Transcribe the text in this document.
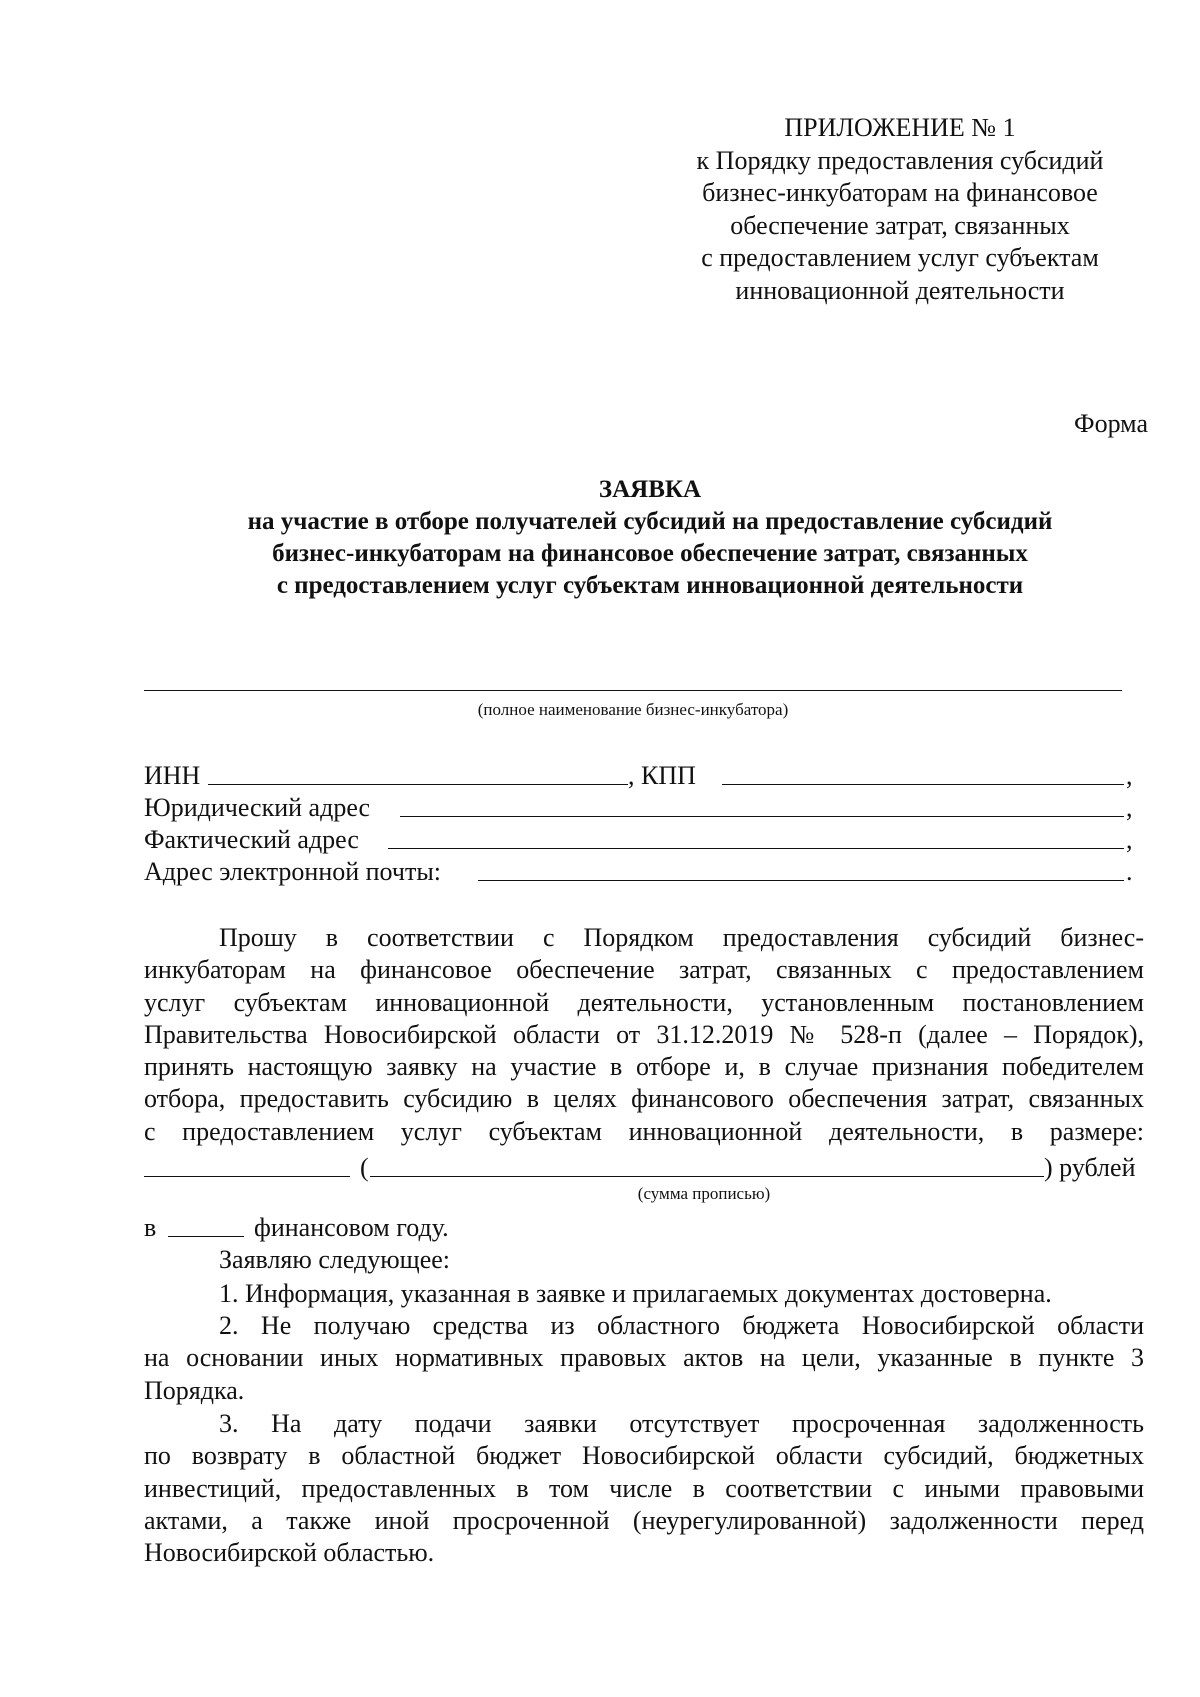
ПРИЛОЖЕНИЕ № 1
к Порядку предоставления субсидий
бизнес-инкубаторам на финансовое
обеспечение затрат, связанных
с предоставлением услуг субъектам
инновационной деятельности
Форма
ЗАЯВКА
на участие в отборе получателей субсидий на предоставление субсидий
бизнес-инкубаторам на финансовое обеспечение затрат, связанных
с предоставлением услуг субъектам инновационной деятельности
(полное наименование бизнес-инкубатора)
ИНН	, КПП	,
Юридический адрес	,
Фактический адрес	,
Адрес электронной почты:	.
Прошу в соответствии с Порядком предоставления субсидий бизнес-
инкубаторам на финансовое обеспечение затрат, связанных с предоставлением
услуг субъектам инновационной деятельности, установленным постановлением
Правительства Новосибирской области от 31.12.2019 № 528-п (далее – Порядок),
принять настоящую заявку на участие в отборе и, в случае признания победителем
отбора, предоставить субсидию в целях финансового обеспечения затрат, связанных
с предоставлением услуг субъектам инновационной деятельности, в размере:
(	) рублей
(сумма прописью)
в	финансовом году.
Заявляю следующее:
1. Информация, указанная в заявке и прилагаемых документах достоверна.
2. Не получаю средства из областного бюджета Новосибирской области
на основании иных нормативных правовых актов на цели, указанные в пункте 3
Порядка.
3. На дату подачи заявки отсутствует просроченная задолженность
по возврату в областной бюджет Новосибирской области субсидий, бюджетных
инвестиций, предоставленных в том числе в соответствии с иными правовыми
актами, а также иной просроченной (неурегулированной) задолженности перед
Новосибирской областью.
